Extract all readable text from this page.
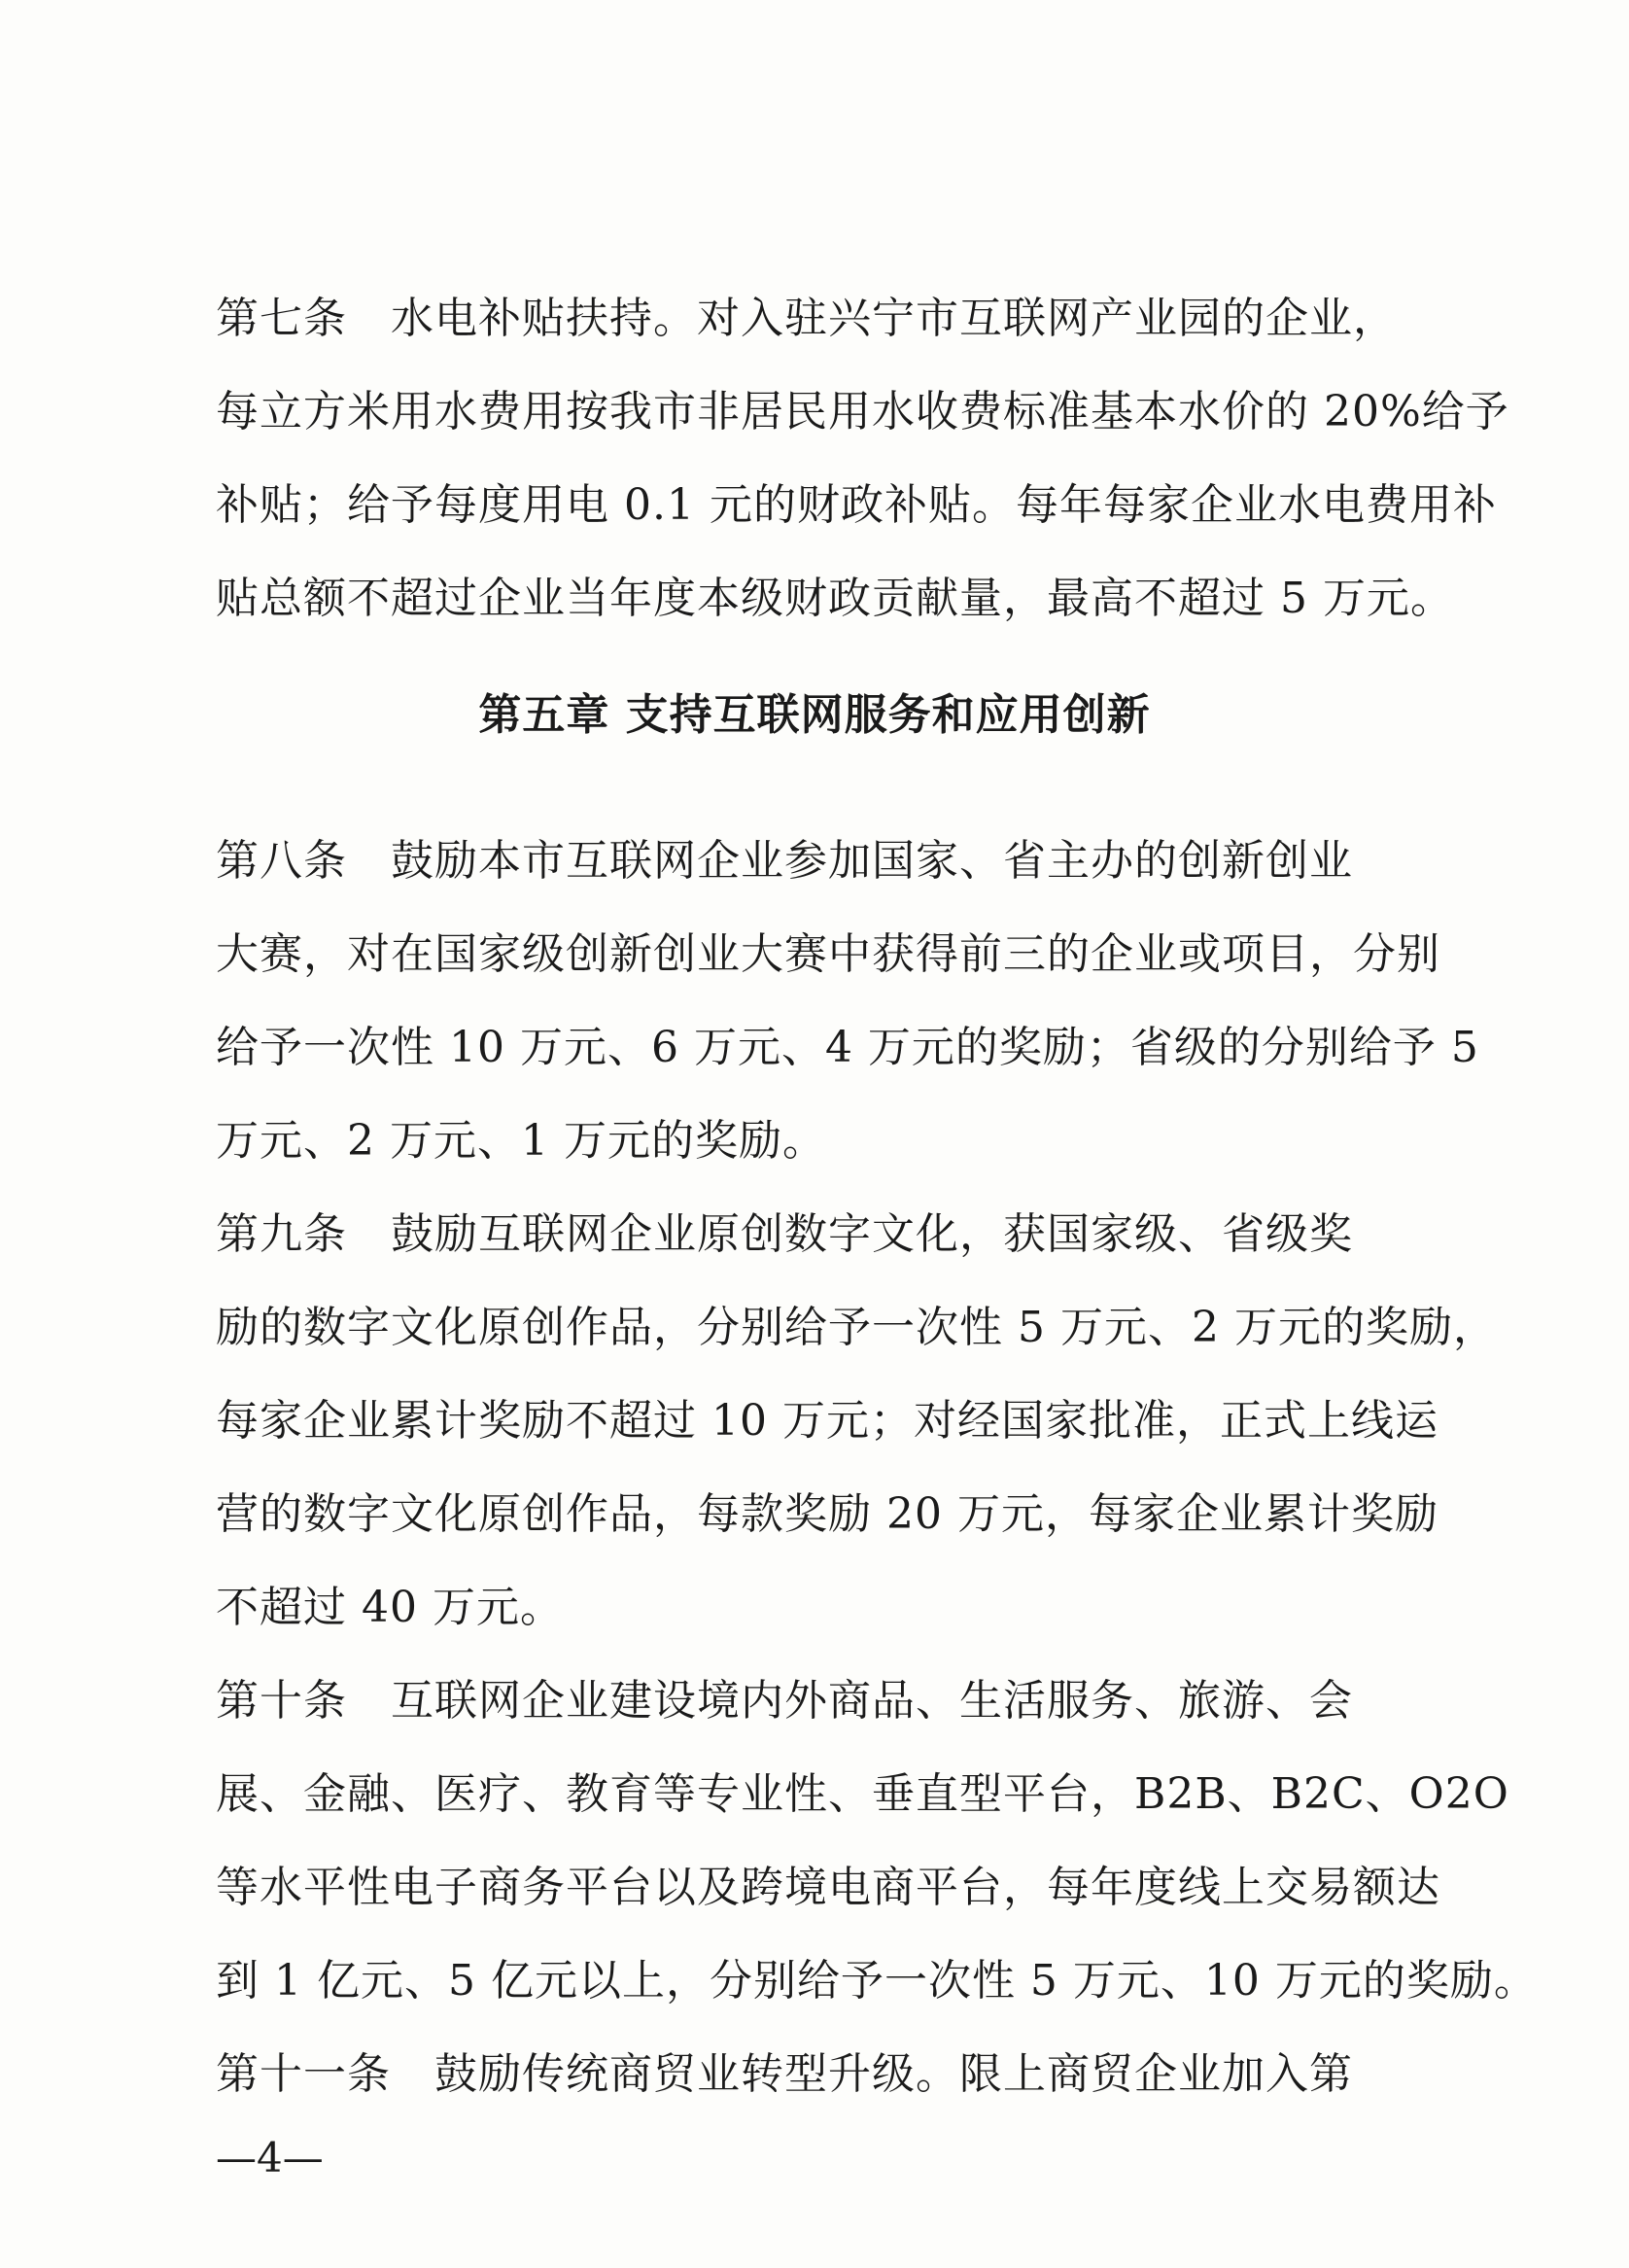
第七条　水电补贴扶持。对入驻兴宁市互联网产业园的企业，
每立方米用水费用按我市非居民用水收费标准基本水价的 20%给予
补贴；给予每度用电 0.1 元的财政补贴。每年每家企业水电费用补
贴总额不超过企业当年度本级财政贡献量，最高不超过 5 万元。
第五章 支持互联网服务和应用创新
第八条　鼓励本市互联网企业参加国家、省主办的创新创业
大赛，对在国家级创新创业大赛中获得前三的企业或项目，分别
给予一次性 10 万元、6 万元、4 万元的奖励；省级的分别给予 5
万元、2 万元、1 万元的奖励。
第九条　鼓励互联网企业原创数字文化，获国家级、省级奖
励的数字文化原创作品，分别给予一次性 5 万元、2 万元的奖励，
每家企业累计奖励不超过 10 万元；对经国家批准，正式上线运
营的数字文化原创作品，每款奖励 20 万元，每家企业累计奖励
不超过 40 万元。
第十条　互联网企业建设境内外商品、生活服务、旅游、会
展、金融、医疗、教育等专业性、垂直型平台，B2B、B2C、O2O
等水平性电子商务平台以及跨境电商平台，每年度线上交易额达
到 1 亿元、5 亿元以上，分别给予一次性 5 万元、10 万元的奖励。
第十一条　鼓励传统商贸业转型升级。限上商贸企业加入第
—4—
